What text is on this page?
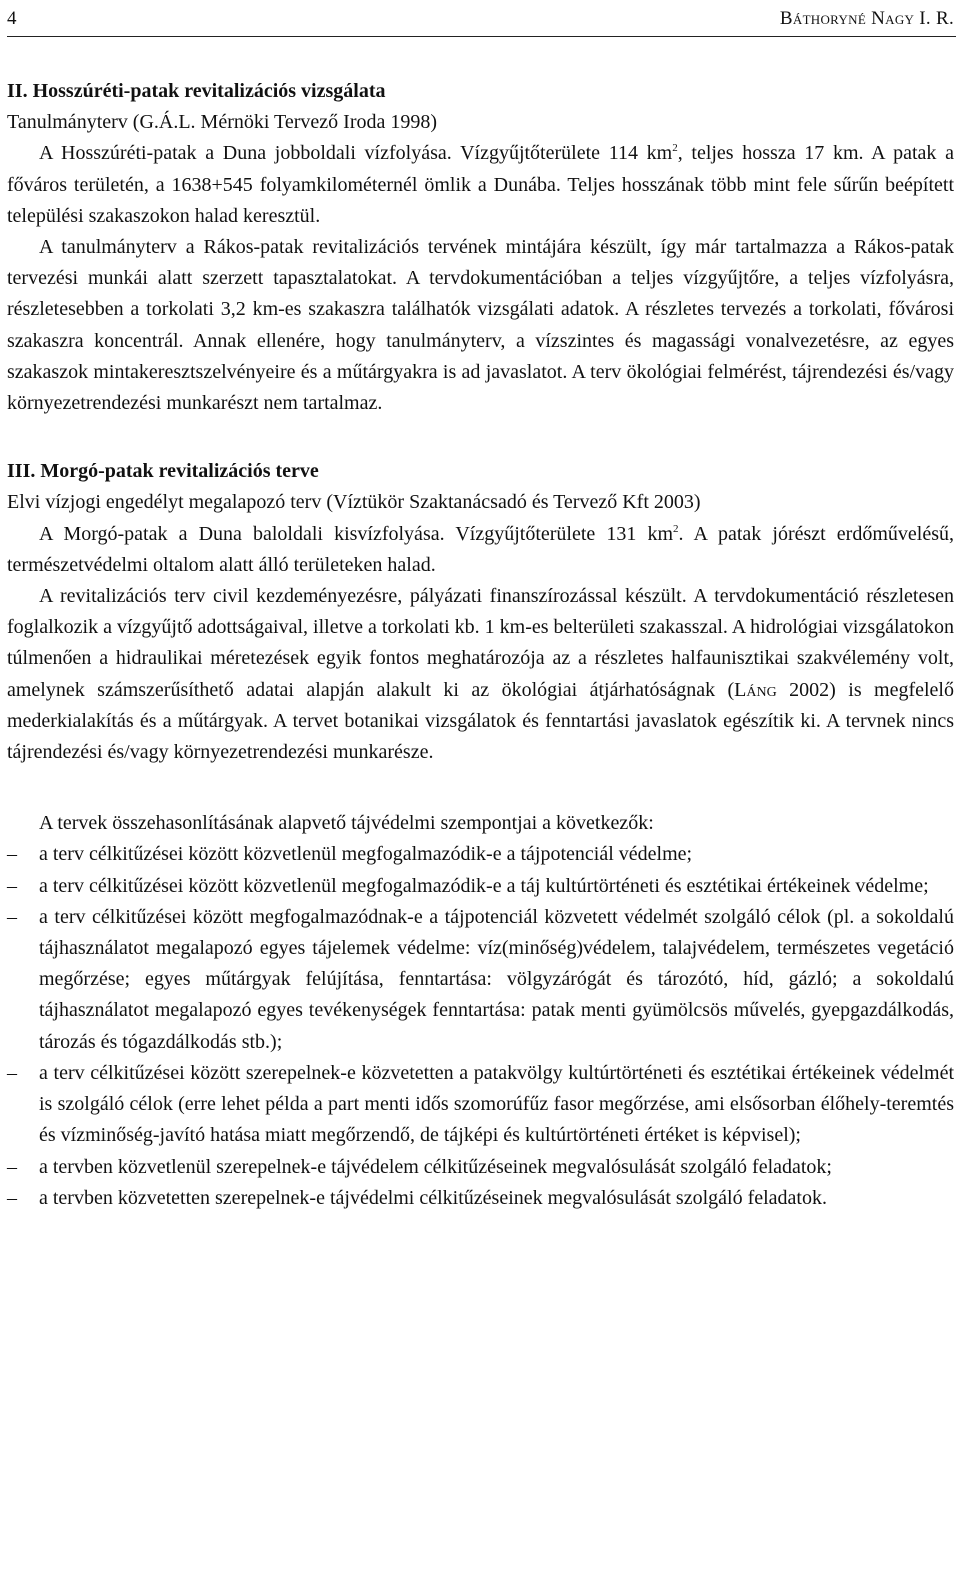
4	Báthoryné Nagy I. R.
II. Hosszúréti-patak revitalizációs vizsgálata

Tanulmányterv (G.Á.L. Mérnöki Tervező Iroda 1998)

A Hosszúréti-patak a Duna jobboldali vízfolyása. Vízgyűjtőterülete 114 $km^2$, teljes hossza 17 km. A patak a főváros területén, a 1638+545 folyamkilométernél ömlik a Dunába. Teljes hosszának több mint fele sűrűn beépített települési szakaszokon halad keresztül.

A tanulmányterv a Rákos-patak revitalizációs tervének mintájára készült, így már tartalmazza a Rákos-patak tervezési munkái alatt szerzett tapasztalatokat. A tervdokumentációban a teljes vízgyűjtőre, a teljes vízfolyásra, részletesebben a torkolati 3,2 km-es szakaszra találhatók vizsgálati adatok. A részletes tervezés a torkolati, fővárosi szakaszra koncentrál. Annak ellenére, hogy tanulmányterv, a vízszintes és magassági vonalvezetésre, az egyes szakaszok mintakeresztszelvényeire és a műtárgyakra is ad javaslatot. A terv ökológiai felmérést, tájrendezési és/vagy környezetrendezési munkarészt nem tartalmaz.

III. Morgó-patak revitalizációs terve

Elvi vízjogi engedélyt megalapozó terv (Víztükör Szaktanácsadó és Tervező Kft 2003)

A Morgó-patak a Duna baloldali kisvízfolyása. Vízgyűjtőterülete 131 $km^2$. A patak jórészt erdőművelésű, természetvédelmi oltalom alatt álló területeken halad.

A revitalizációs terv civil kezdeményezésre, pályázati finanszírozással készült. A tervdokumentáció részletesen foglalkozik a vízgyűjtő adottságaival, illetve a torkolati kb. 1 km-es belterületi szakasszal. A hidrológiai vizsgálatokon túlmenően a hidraulikai méretezések egyik fontos meghatározója az a részletes halfaunisztikai szakvélemény volt, amelynek számszerűsíthető adatai alapján alakult ki az ökológiai átjárhatóságnak (Láng 2002) is megfelelő mederkialakítás és a műtárgyak. A tervet botanikai vizsgálatok és fenntartási javaslatok egészítik ki. A tervnek nincs tájrendezési és/vagy környezetrendezési munkarésze.

A tervek összehasonlításának alapvető tájvédelmi szempontjai a következők:

– a terv célkitűzései között közvetlenül megfogalmazódik-e a tájpotenciál védelme;
– a terv célkitűzései között közvetlenül megfogalmazódik-e a táj kultúrtörténeti és esztétikai értékeinek védelme;
– a terv célkitűzései között megfogalmazódnak-e a tájpotenciál közvetett védelmét szolgáló célok (pl. a sokoldalú tájhasználatot megalapozó egyes tájelemek védelme: víz(minőség)védelem, talajvédelem, természetes vegetáció megőrzése; egyes műtárgyak felújítása, fenntartása: völgyzárógát és tározótó, híd, gázló; a sokoldalú tájhasználatot megalapozó egyes tevékenységek fenntartása: patak menti gyümölcsös művelés, gyepgazdálkodás, tározás és tógazdálkodás stb.);
– a terv célkitűzései között szerepelnek-e közvetetten a patakvölgy kultúrtörténeti és esztétikai értékeinek védelmét is szolgáló célok (erre lehet példa a part menti idős szomorúfűz fasor megőrzése, ami elsősorban élőhely-teremtés és vízminőség-javító hatása miatt megőrzendő, de tájképi és kultúrtörténeti értéket is képvisel);
– a tervben közvetlenül szerepelnek-e tájvédelem célkitűzéseinek megvalósulását szolgáló feladatok;
– a tervben közvetetten szerepelnek-e tájvédelmi célkitűzéseinek megvalósulását szolgáló feladatok.
